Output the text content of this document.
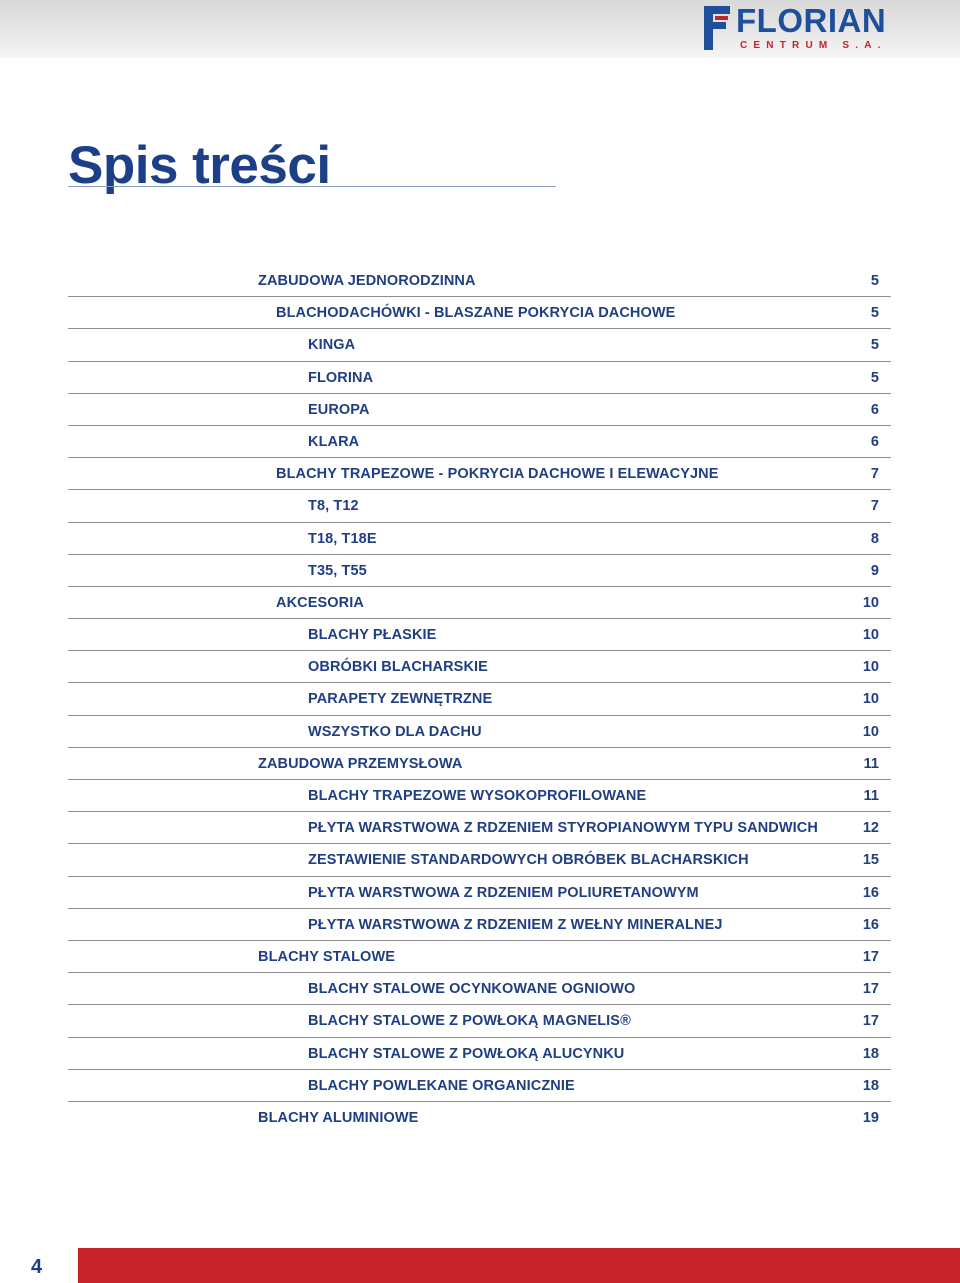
FLORIAN
CENTRUM S.A.
Spis treści
ZABUDOWA JEDNORODZINNA	5
BLACHODACHÓWKI - BLASZANE POKRYCIA DACHOWE	5
KINGA	5
FLORINA	5
EUROPA	6
KLARA	6
BLACHY TRAPEZOWE - POKRYCIA DACHOWE I ELEWACYJNE	7
T8, T12	7
T18, T18E	8
T35, T55	9
AKCESORIA	10
BLACHY PŁASKIE	10
OBRÓBKI BLACHARSKIE	10
PARAPETY ZEWNĘTRZNE	10
WSZYSTKO DLA DACHU	10
ZABUDOWA PRZEMYSŁOWA	11
BLACHY TRAPEZOWE WYSOKOPROFILOWANE	11
PŁYTA WARSTWOWA Z RDZENIEM STYROPIANOWYM TYPU SANDWICH	12
ZESTAWIENIE STANDARDOWYCH OBRÓBEK BLACHARSKICH	15
PŁYTA WARSTWOWA Z RDZENIEM POLIURETANOWYM	16
PŁYTA WARSTWOWA Z RDZENIEM Z WEŁNY MINERALNEJ	16
BLACHY STALOWE	17
BLACHY STALOWE OCYNKOWANE OGNIOWO	17
BLACHY STALOWE Z POWŁOKĄ MAGNELIS®	17
BLACHY STALOWE Z POWŁOKĄ ALUCYNKU	18
BLACHY POWLEKANE ORGANICZNIE	18
BLACHY ALUMINIOWE	19
4
